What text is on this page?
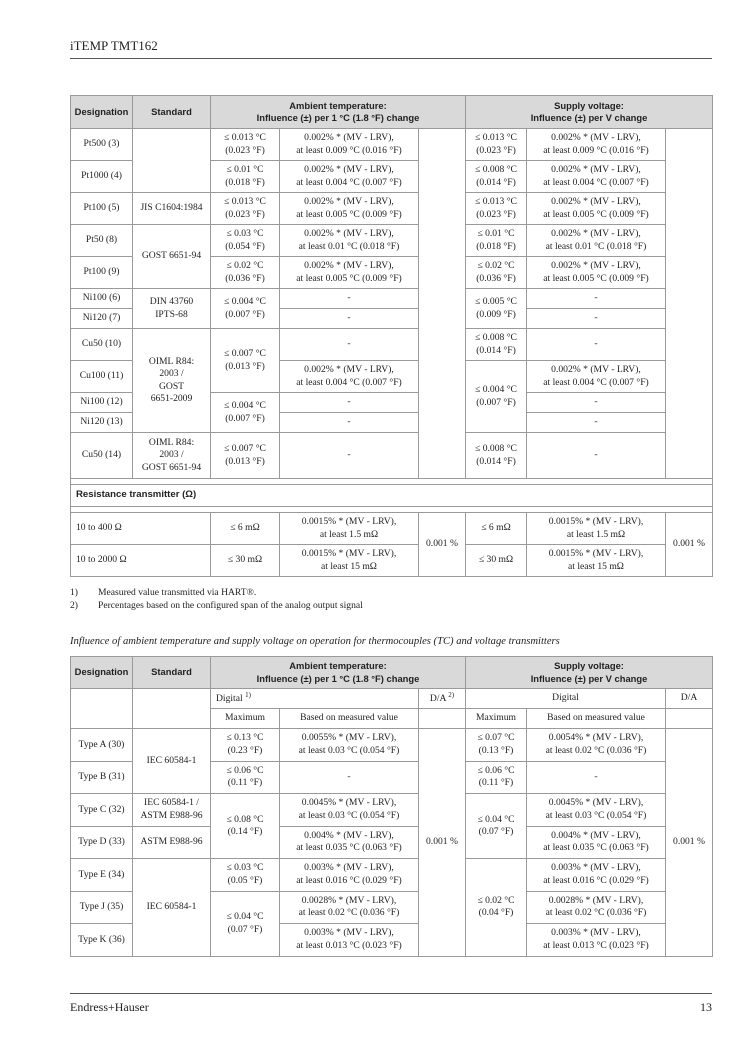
iTEMP TMT162
Designation	Standard	Ambient temperature:
Influence (±) per 1 °C (1.8 °F) change			Supply voltage:
Influence (±) per V change		
Pt500 (3)		≤ 0.013 °C
(0.023 °F)	0.002% * (MV - LRV),
at least 0.009 °C (0.016 °F)		≤ 0.013 °C
(0.023 °F)	0.002% * (MV - LRV),
at least 0.009 °C (0.016 °F)	
Pt1000 (4)		≤ 0.01 °C
(0.018 °F)	0.002% * (MV - LRV),
at least 0.004 °C (0.007 °F)		≤ 0.008 °C
(0.014 °F)	0.002% * (MV - LRV),
at least 0.004 °C (0.007 °F)	
Pt100 (5)	JIS C1604:1984	≤ 0.013 °C
(0.023 °F)	0.002% * (MV - LRV),
at least 0.005 °C (0.009 °F)		≤ 0.013 °C
(0.023 °F)	0.002% * (MV - LRV),
at least 0.005 °C (0.009 °F)	
Pt50 (8)	GOST 6651-94	≤ 0.03 °C
(0.054 °F)	0.002% * (MV - LRV),
at least 0.01 °C (0.018 °F)		≤ 0.01 °C
(0.018 °F)	0.002% * (MV - LRV),
at least 0.01 °C (0.018 °F)	
Pt100 (9)		≤ 0.02 °C
(0.036 °F)	0.002% * (MV - LRV),
at least 0.005 °C (0.009 °F)		≤ 0.02 °C
(0.036 °F)	0.002% * (MV - LRV),
at least 0.005 °C (0.009 °F)	
Ni100 (6)	DIN 43760
IPTS-68	≤ 0.004 °C
(0.007 °F)	-		≤ 0.005 °C
(0.009 °F)	-	
Ni120 (7)			-			-	
Cu50 (10)	OIML R84:
2003 /
GOST
6651-2009	≤ 0.007 °C
(0.013 °F)	-		≤ 0.008 °C
(0.014 °F)	-	
Cu100 (11)			0.002% * (MV - LRV),
at least 0.004 °C (0.007 °F)		≤ 0.004 °C
(0.007 °F)	0.002% * (MV - LRV),
at least 0.004 °C (0.007 °F)	
Ni100 (12)		≤ 0.004 °C
(0.007 °F)	-			-	
Ni120 (13)			-			-	
Cu50 (14)	OIML R84:
2003 /
GOST 6651-94	≤ 0.007 °C
(0.013 °F)	-		≤ 0.008 °C
(0.014 °F)	-	

Resistance transmitter (Ω)							

10 to 400 Ω		≤ 6 mΩ	0.0015% * (MV - LRV),
at least 1.5 mΩ	0.001 %	≤ 6 mΩ	0.0015% * (MV - LRV),
at least 1.5 mΩ	0.001 %
10 to 2000 Ω		≤ 30 mΩ	0.0015% * (MV - LRV),
at least 15 mΩ		≤ 30 mΩ	0.0015% * (MV - LRV),
at least 15 mΩ	
1) Measured value transmitted via HART®.
2) Percentages based on the configured span of the analog output signal
Influence of ambient temperature and supply voltage on operation for thermocouples (TC) and voltage transmitters
Designation	Standard	Ambient temperature:
Influence (±) per 1 °C (1.8 °F) change			Supply voltage:
Influence (±) per V change		
		Digital $^{1)}$		D/A $^{2)}$	Digital		D/A
		Maximum	Based on measured value		Maximum	Based on measured value	
Type A (30)	IEC 60584-1	≤ 0.13 °C
(0.23 °F)	0.0055% * (MV - LRV),
at least 0.03 °C (0.054 °F)	0.001 %	≤ 0.07 °C
(0.13 °F)	0.0054% * (MV - LRV),
at least 0.02 °C (0.036 °F)	0.001 %
Type B (31)		≤ 0.06 °C
(0.11 °F)	-		≤ 0.06 °C
(0.11 °F)	-	
Type C (32)	IEC 60584-1 /
ASTM E988-96	≤ 0.08 °C
(0.14 °F)	0.0045% * (MV - LRV),
at least 0.03 °C (0.054 °F)		≤ 0.04 °C
(0.07 °F)	0.0045% * (MV - LRV),
at least 0.03 °C (0.054 °F)	
Type D (33)	ASTM E988-96		0.004% * (MV - LRV),
at least 0.035 °C (0.063 °F)			0.004% * (MV - LRV),
at least 0.035 °C (0.063 °F)	
Type E (34)	IEC 60584-1	≤ 0.03 °C
(0.05 °F)	0.003% * (MV - LRV),
at least 0.016 °C (0.029 °F)		≤ 0.02 °C
(0.04 °F)	0.003% * (MV - LRV),
at least 0.016 °C (0.029 °F)	
Type J (35)		≤ 0.04 °C
(0.07 °F)	0.0028% * (MV - LRV),
at least 0.02 °C (0.036 °F)			0.0028% * (MV - LRV),
at least 0.02 °C (0.036 °F)	
Type K (36)			0.003% * (MV - LRV),
at least 0.013 °C (0.023 °F)			0.003% * (MV - LRV),
at least 0.013 °C (0.023 °F)	
Endress+Hauser	13
